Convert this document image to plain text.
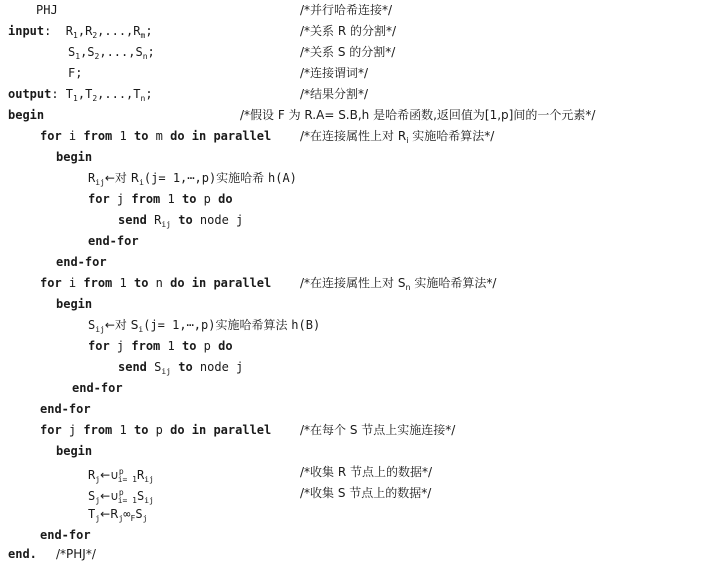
PHJ	/*并行哈希连接*/
input:  $R_1,R_2,...,R_m$;	/*关系 R 的分割*/
$S_1,S_2,...,S_n$;	/*关系 S 的分割*/
F;	/*连接谓词*/
output: $T_1,T_2,...,T_n$;	/*结果分割*/
begin	/*假设 F 为 R.A= S.B,h 是哈希函数,返回值为[1,p]间的一个元素*/
for i from 1 to m do in parallel /*在连接属性上对 $R_i$ 实施哈希算法*/
begin
$R_{ij}\leftarrow$对 $R_i(j=$ 1,⋯,p)实施哈希 h(A)
for j from 1 to p do
send $R_{ij}$ to node j
end-for
end-for
for i from 1 to n do in parallel /*在连接属性上对 $S_n$ 实施哈希算法*/
begin
$S_{ij}\leftarrow$对 $S_i(j=$ 1,⋯,p)实施哈希算法 h(B)
for j from 1 to p do
send $S_{ij}$ to node j
end-for
end-for
for j from 1 to p do in parallel /*在每个 S 节点上实施连接*/
begin
$R_j\leftarrow\cup^p_{i= 1}R_{ij}$
/*收集 R 节点上的数据*/
$S_j\leftarrow\cup^p_{i= 1}S_{ij}$
/*收集 S 节点上的数据*/
$T_j\leftarrow R_j\infty_FS_j$
end-for
end.	/*PHJ*/
